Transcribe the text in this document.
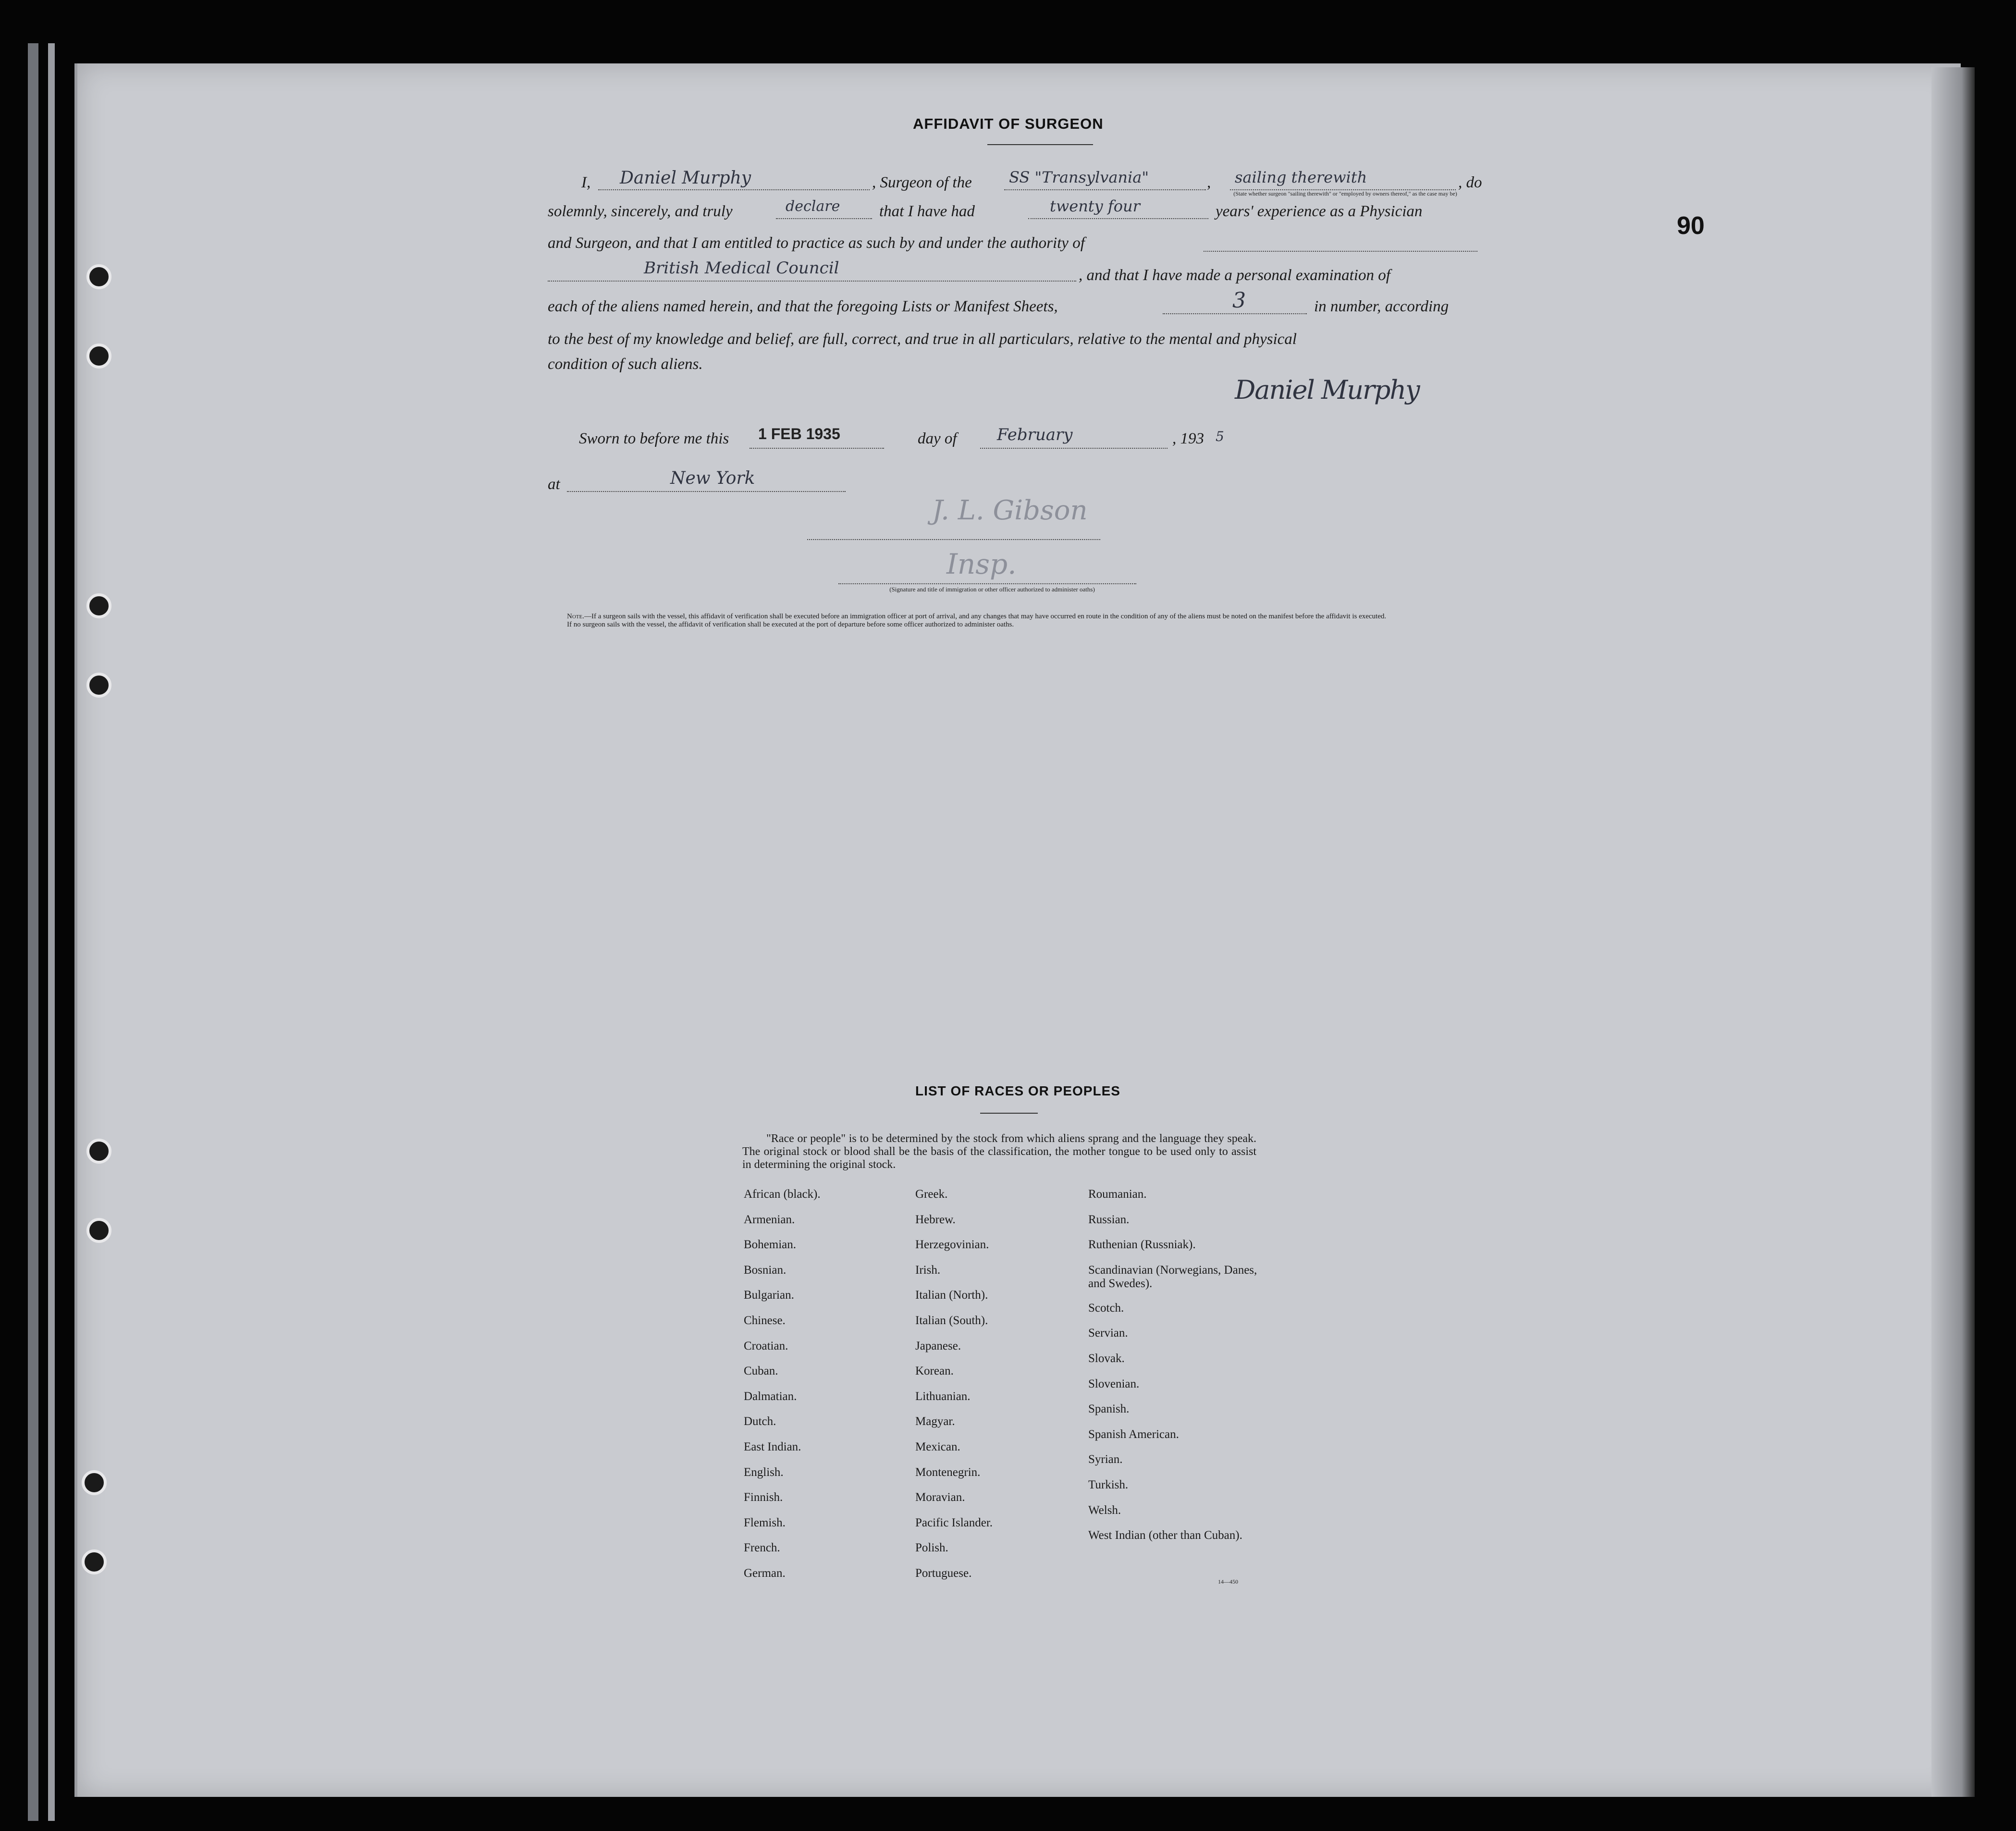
90
AFFIDAVIT OF SURGEON
I, Daniel Murphy	, Surgeon of the SS "Transylvania"	, sailing therewith	, do
(State whether surgeon "sailing therewith" or "employed by owners thereof," as the case may be)
solemnly, sincerely, and truly	declare that I have had	twenty four	years' experience as a Physician
and Surgeon, and that I am entitled to practice as such by and under the authority of
British Medical Council	, and that I have made a personal examination of
each of the aliens named herein, and that the foregoing Lists or Manifest Sheets,	3	in number, according
to the best of my knowledge and belief, are full, correct, and true in all particulars, relative to the mental and physical
condition of such aliens.
Daniel Murphy
Sworn to before me this 1 FEB 1935	day of February	, 193 5
at	New York
J. L. Gibson
Insp.
(Signature and title of immigration or other officer authorized to administer oaths)
Note.—If a surgeon sails with the vessel, this affidavit of verification shall be executed before an immigration officer at port of arrival, and any changes that may have occurred en route in the condition of any of the aliens must be noted on the manifest before the affidavit is executed.
If no surgeon sails with the vessel, the affidavit of verification shall be executed at the port of departure before some officer authorized to administer oaths.
LIST OF RACES OR PEOPLES
"Race or people" is to be determined by the stock from which aliens sprang and the language they speak. The original stock or blood shall be the basis of the classification, the mother tongue to be used only to assist in determining the original stock.
African (black).
Armenian.
Bohemian.
Bosnian.
Bulgarian.
Chinese.
Croatian.
Cuban.
Dalmatian.
Dutch.
East Indian.
English.
Finnish.
Flemish.
French.
German.
Greek.
Hebrew.
Herzegovinian.
Irish.
Italian (North).
Italian (South).
Japanese.
Korean.
Lithuanian.
Magyar.
Mexican.
Montenegrin.
Moravian.
Pacific Islander.
Polish.
Portuguese.
Roumanian.
Russian.
Ruthenian (Russniak).
Scandinavian (Norwegians, Danes, and Swedes).
Scotch.
Servian.
Slovak.
Slovenian.
Spanish.
Spanish American.
Syrian.
Turkish.
Welsh.
West Indian (other than Cuban).
14—450
